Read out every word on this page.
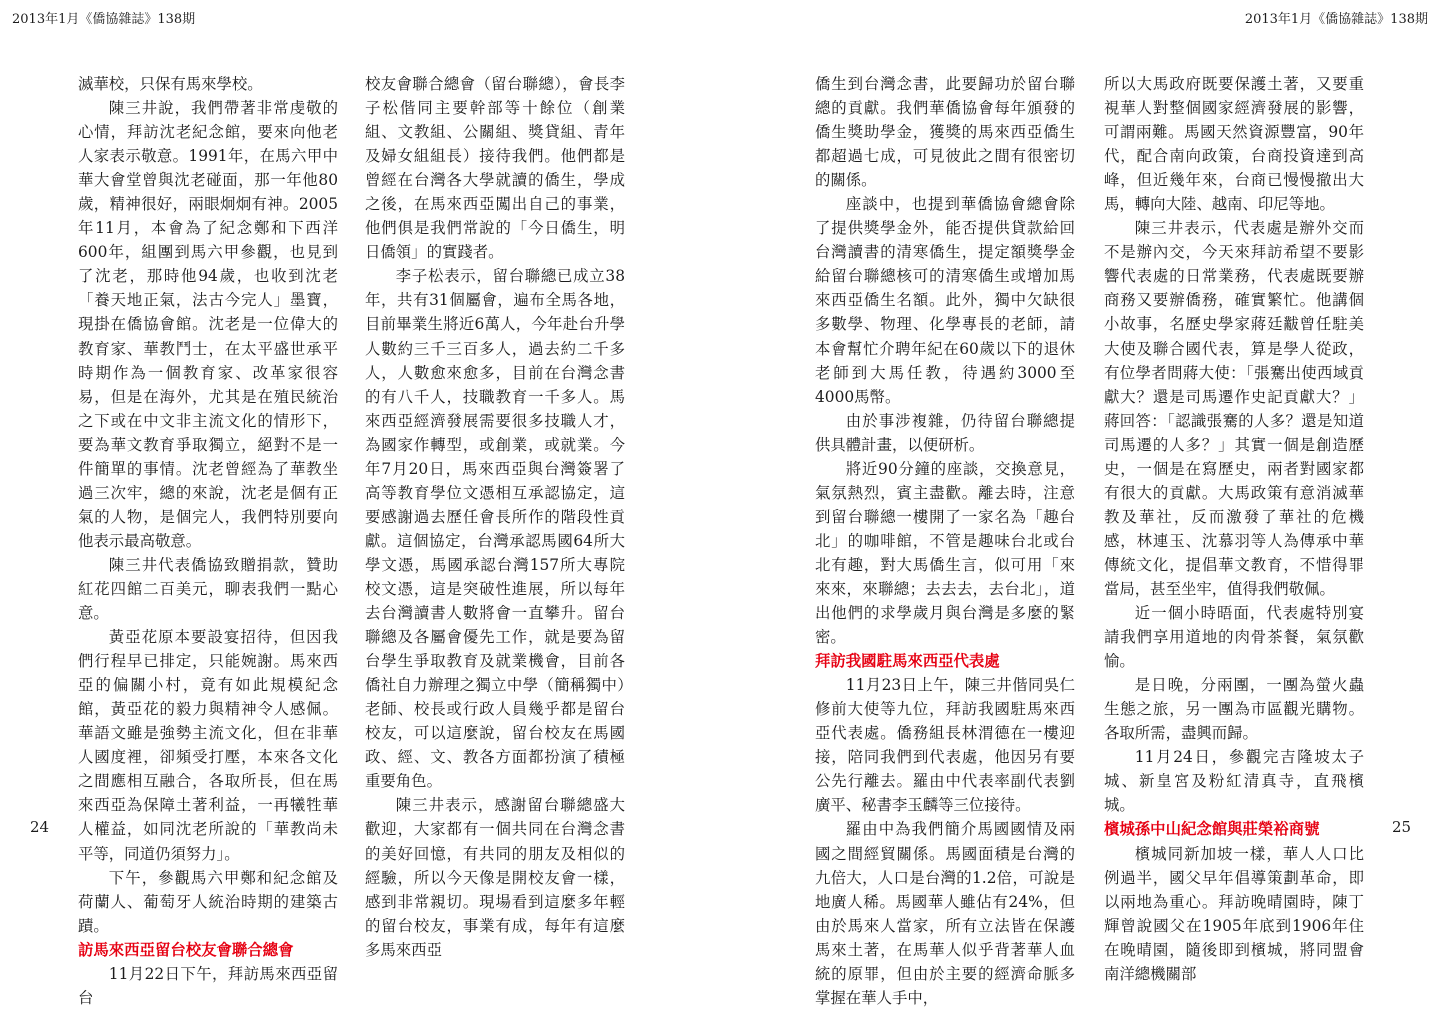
2013年1月《僑協雜誌》138期	2013年1月《僑協雜誌》138期

滅華校，只保有馬來學校。

陳三井說，我們帶著非常虔敬的心情，拜訪沈老紀念館，要來向他老人家表示敬意。1991年，在馬六甲中華大會堂曾與沈老碰面，那一年他80歲，精神很好，兩眼炯炯有神。2005年11月，本會為了紀念鄭和下西洋600年，組團到馬六甲參觀，也見到了沈老，那時他94歲，也收到沈老「養天地正氣，法古今完人」墨寶，現掛在僑協會館。沈老是一位偉大的教育家、華教鬥士，在太平盛世承平時期作為一個教育家、改革家很容易，但是在海外，尤其是在殖民統治之下或在中文非主流文化的情形下，要為華文教育爭取獨立，絕對不是一件簡單的事情。沈老曾經為了華教坐過三次牢，總的來說，沈老是個有正氣的人物，是個完人，我們特別要向他表示最高敬意。

陳三井代表僑協致贈捐款，贊助紅花四館二百美元，聊表我們一點心意。

黃亞花原本要設宴招待，但因我們行程早已排定，只能婉謝。馬來西亞的偏關小村，竟有如此規模紀念館，黃亞花的毅力與精神令人感佩。華語文雖是強勢主流文化，但在非華人國度裡，卻頻受打壓，本來各文化之間應相互融合，各取所長，但在馬來西亞為保障土著利益，一再犧牲華人權益，如同沈老所說的「華教尚未平等，同道仍須努力」。

下午，參觀馬六甲鄭和紀念館及荷蘭人、葡萄牙人統治時期的建築古蹟。

訪馬來西亞留台校友會聯合總會

11月22日下午，拜訪馬來西亞留台

校友會聯合總會（留台聯總），會長李子松偕同主要幹部等十餘位（創業組、文教組、公關組、獎貸組、青年及婦女組組長）接待我們。他們都是曾經在台灣各大學就讀的僑生，學成之後，在馬來西亞闖出自己的事業，他們俱是我們常說的「今日僑生，明日僑領」的實踐者。

李子松表示，留台聯總已成立38年，共有31個屬會，遍布全馬各地，目前畢業生將近6萬人，今年赴台升學人數約三千三百多人，過去約二千多人，人數愈來愈多，目前在台灣念書的有八千人，技職教育一千多人。馬來西亞經濟發展需要很多技職人才，為國家作轉型，或創業，或就業。今年7月20日，馬來西亞與台灣簽署了高等教育學位文憑相互承認協定，這要感謝過去歷任會長所作的階段性貢獻。這個協定，台灣承認馬國64所大學文憑，馬國承認台灣157所大專院校文憑，這是突破性進展，所以每年去台灣讀書人數將會一直攀升。留台聯總及各屬會優先工作，就是要為留台學生爭取教育及就業機會，目前各僑社自力辦理之獨立中學（簡稱獨中）老師、校長或行政人員幾乎都是留台校友，可以這麼說，留台校友在馬國政、經、文、教各方面都扮演了積極重要角色。

陳三井表示，感謝留台聯總盛大歡迎，大家都有一個共同在台灣念書的美好回憶，有共同的朋友及相似的經驗，所以今天像是開校友會一樣，感到非常親切。現場看到這麼多年輕的留台校友，事業有成，每年有這麼多馬來西亞

僑生到台灣念書，此要歸功於留台聯總的貢獻。我們華僑協會每年頒發的僑生獎助學金，獲獎的馬來西亞僑生都超過七成，可見彼此之間有很密切的關係。

座談中，也提到華僑協會總會除了提供獎學金外，能否提供貸款給回台灣讀書的清寒僑生，提定額獎學金給留台聯總核可的清寒僑生或增加馬來西亞僑生名額。此外，獨中欠缺很多數學、物理、化學專長的老師，請本會幫忙介聘年紀在60歲以下的退休老師到大馬任教，待遇約3000至4000馬幣。

由於事涉複雜，仍待留台聯總提供具體計畫，以便研析。

將近90分鐘的座談，交換意見，氣氛熱烈，賓主盡歡。離去時，注意到留台聯總一樓開了一家名為「趣台北」的咖啡館，不管是趣味台北或台北有趣，對大馬僑生言，似可用「來來來，來聯總；去去去，去台北」，道出他們的求學歲月與台灣是多麼的緊密。

拜訪我國駐馬來西亞代表處

11月23日上午，陳三井偕同吳仁修前大使等九位，拜訪我國駐馬來西亞代表處。僑務組長林渭德在一樓迎接，陪同我們到代表處，他因另有要公先行離去。羅由中代表率副代表劉廣平、秘書李玉麟等三位接待。

羅由中為我們簡介馬國國情及兩國之間經貿關係。馬國面積是台灣的九倍大，人口是台灣的1.2倍，可說是地廣人稀。馬國華人雖佔有24%，但由於馬來人當家，所有立法皆在保護馬來土著，在馬華人似乎背著華人血統的原罪，但由於主要的經濟命脈多掌握在華人手中，

所以大馬政府既要保護土著，又要重視華人對整個國家經濟發展的影響，可謂兩難。馬國天然資源豐富，90年代，配合南向政策，台商投資達到高峰，但近幾年來，台商已慢慢撤出大馬，轉向大陸、越南、印尼等地。

陳三井表示，代表處是辦外交而不是辦內交，今天來拜訪希望不要影響代表處的日常業務，代表處既要辦商務又要辦僑務，確實繁忙。他講個小故事，名歷史學家蔣廷黻曾任駐美大使及聯合國代表，算是學人從政，有位學者問蔣大使：「張騫出使西域貢獻大？還是司馬遷作史記貢獻大？」蔣回答：「認識張騫的人多？還是知道司馬遷的人多？」其實一個是創造歷史，一個是在寫歷史，兩者對國家都有很大的貢獻。大馬政策有意消滅華教及華社，反而激發了華社的危機感，林連玉、沈慕羽等人為傳承中華傳統文化，提倡華文教育，不惜得罪當局，甚至坐牢，值得我們敬佩。

近一個小時晤面，代表處特別宴請我們享用道地的肉骨茶餐，氣氛歡愉。

是日晚，分兩團，一團為螢火蟲生態之旅，另一團為市區觀光購物。各取所需，盡興而歸。

11月24日，參觀完吉隆坡太子城、新皇宮及粉紅清真寺，直飛檳城。

檳城孫中山紀念館與莊榮裕商號

檳城同新加坡一樣，華人人口比例過半，國父早年倡導策劃革命，即以兩地為重心。拜訪晚晴園時，陳丁輝曾說國父在1905年底到1906年住在晚晴園，隨後即到檳城，將同盟會南洋總機關部

24	25
